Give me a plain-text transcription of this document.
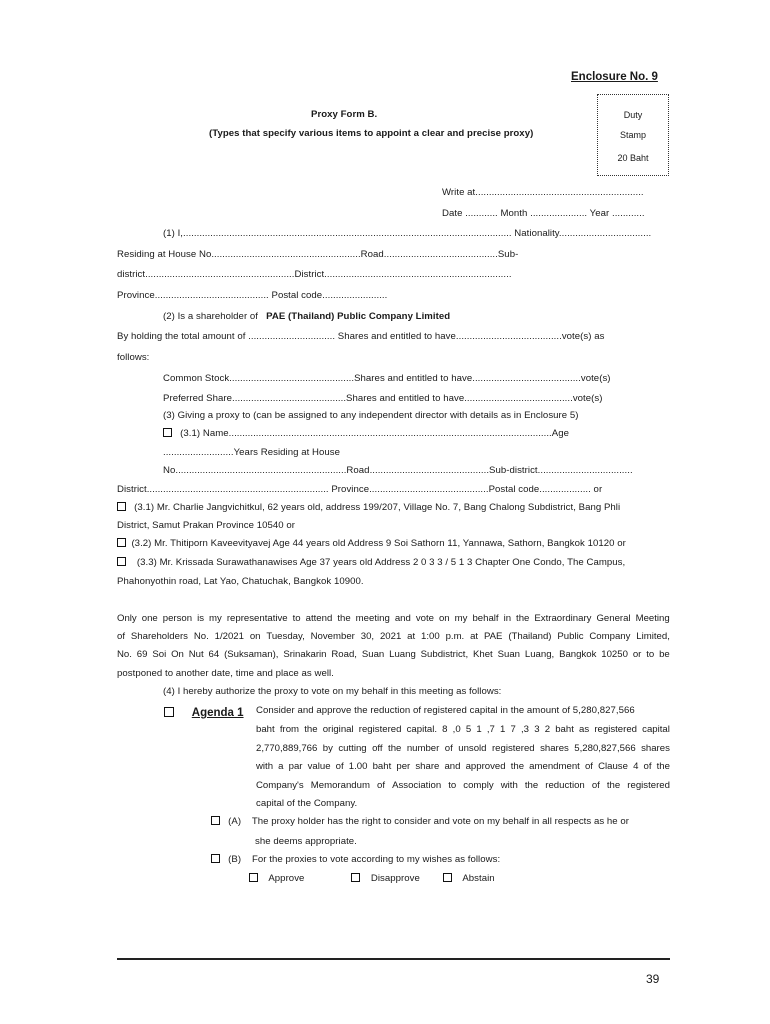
Enclosure No. 9
Proxy Form B.
(Types that specify various items to appoint a clear and precise proxy)
Duty
Stamp
20 Baht
Write at..............................................................
Date ............ Month ..................... Year ............
(1) I,......................................................................................................................... Nationality..................................
Residing at House No.......................................................Road..........................................Sub-
district.......................................................District.....................................................................
Province.......................................... Postal code........................
(2) Is a shareholder of PAE (Thailand) Public Company Limited
By holding the total amount of ................................ Shares and entitled to have.......................................vote(s) as
follows:
Common Stock..............................................Shares and entitled to have........................................vote(s)
Preferred Share..........................................Shares and entitled to have........................................vote(s)
(3) Giving a proxy to (can be assigned to any independent director with details as in Enclosure 5)
(3.1) Name.......................................................................................................................Age
..........................Years Residing at House
No...............................................................Road............................................Sub-district...................................
District................................................................... Province............................................Postal code................... or
(3.1) Mr. Charlie Jangvichitkul, 62 years old, address 199/207, Village No. 7, Bang Chalong Subdistrict, Bang Phli
District, Samut Prakan Province 10540 or
(3.2) Mr. Thitiporn Kaveevityavej Age 44 years old Address 9 Soi Sathorn 11, Yannawa, Sathorn, Bangkok 10120 or
(3.3) Mr. Krissada Surawathanawises Age 37 years old Address 2 0 3 3 / 5 1 3 Chapter One Condo, The Campus,
Phahonyothin road, Lat Yao, Chatuchak, Bangkok 10900.
Only one person is my representative to attend the meeting and vote on my behalf in the Extraordinary General Meeting
of Shareholders No. 1/2021 on Tuesday, November 30, 2021 at 1:00 p.m. at PAE (Thailand) Public Company Limited,
No. 69 Soi On Nut 64 (Suksaman), Srinakarin Road, Suan Luang Subdistrict, Khet Suan Luang, Bangkok 10250 or to be
postponed to another date, time and place as well.
(4) I hereby authorize the proxy to vote on my behalf in this meeting as follows:
Agenda 1 Consider and approve the reduction of registered capital in the amount of 5,280,827,566
baht from the original registered capital. 8 ,0 5 1 ,7 1 7 ,3 3 2 baht as registered capital
2,770,889,766 by cutting off the number of unsold registered shares 5,280,827,566 shares
with a par value of 1.00 baht per share and approved the amendment of Clause 4 of the
Company's Memorandum of Association to comply with the reduction of the registered
capital of the Company.
(A) The proxy holder has the right to consider and vote on my behalf in all respects as he or
she deems appropriate.
(B) For the proxies to vote according to my wishes as follows:
Approve	Disapprove	Abstain
39
